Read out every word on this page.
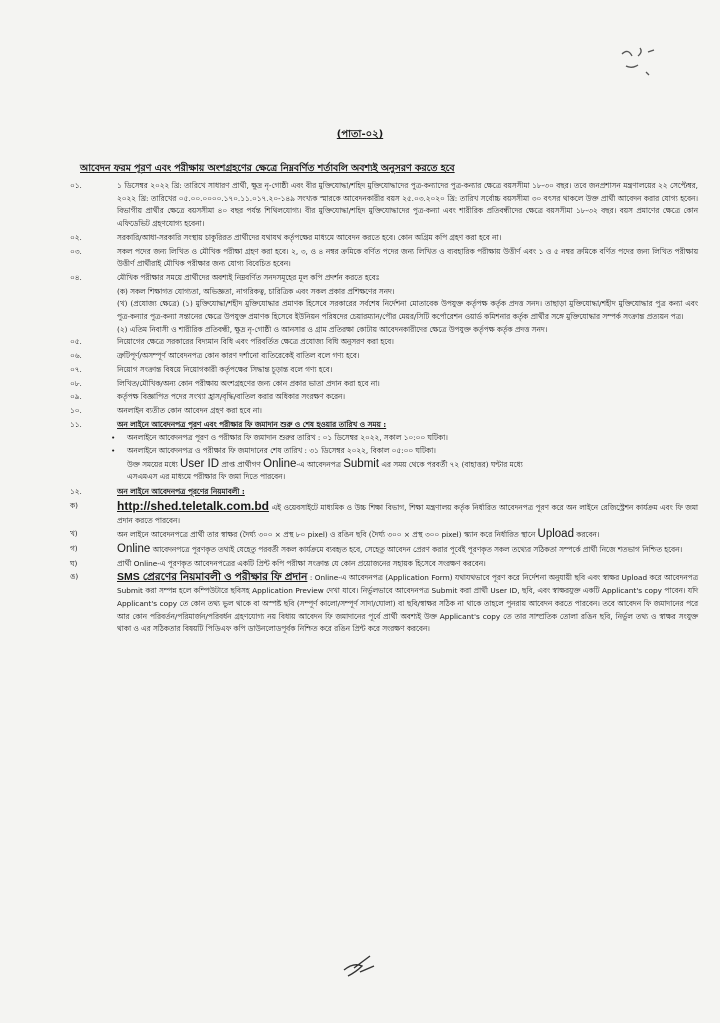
(পাতা-০২)
আবেদন ফরম পূরণ এবং পরীক্ষায় অংশগ্রহণের ক্ষেত্রে নিম্নবর্ণিত শর্তাবলি অবশ্যই অনুসরণ করতে হবে
০১.	১ ডিসেম্বর ২০২২ খ্রি: তারিখে সাধারণ প্রার্থী, ক্ষুদ্র নৃ-গোষ্ঠী এবং বীর মুক্তিযোদ্ধা/শহিদ মুক্তিযোদ্ধাদের পুত্র-কন্যাদের পুত্র-কন্যার ক্ষেত্রে বয়সসীমা ১৮-৩০ বছর। তবে জনপ্রশাসন মন্ত্রণালয়ের ২২ সেপ্টেম্বর, ২০২২ খ্রি: তারিখের ০৫.০০.০০০০.১৭০.১১.০১৭.২০-১৪৯ সংখ্যক স্মারকে আবেদনকারীর বয়স ২৫.০৩.২০২০ খ্রি: তারিখ সর্বোচ্চ বয়সসীমা ৩০ বৎসর থাকলে উক্ত প্রার্থী আবেদন করার যোগ্য হবেন। বিভাগীয় প্রার্থীর ক্ষেত্রে বয়সসীমা ৪০ বছর পর্যন্ত শিথিলযোগ্য। বীর মুক্তিযোদ্ধা/শহিদ মুক্তিযোদ্ধাদের পুত্র-কন্যা এবং শারীরিক প্রতিবন্ধীদের ক্ষেত্রে বয়সসীমা ১৮-৩২ বছর। বয়স প্রমাণের ক্ষেত্রে কোন এফিডেভিট গ্রহণযোগ্য হবেনা।
০২.	সরকারি/আধা-সরকারি সংস্থায় চাকুরিরত প্রার্থীদের যথাযথ কর্তৃপক্ষের মাধ্যমে আবেদন করতে হবে। কোন অগ্রিম কপি গ্রহণ করা হবে না।
০৩.	সকল পদের জন্য লিখিত ও মৌখিক পরীক্ষা গ্রহণ করা হবে। ২, ৩, ও ৪ নম্বর ক্রমিকে বর্ণিত পদের জন্য লিখিত ও ব্যবহারিক পরীক্ষায় উত্তীর্ণ এবং ১ ও ৫ নম্বর ক্রমিকে বর্ণিত পদের জন্য লিখিত পরীক্ষায় উত্তীর্ণ প্রার্থীরাই মৌখিক পরীক্ষার জন্য যোগ্য বিবেচিত হবেন।
০৪.	মৌখিক পরীক্ষার সময়ে প্রার্থীদের অবশ্যই নিম্নবর্ণিত সনদসমূহের মূল কপি প্রদর্শন করতে হবেঃ
(ক) সকল শিক্ষাগত যোগ্যতা, অভিজ্ঞতা, নাগরিকত্ব, চারিত্রিক এবং সকল প্রকার প্রশিক্ষণের সনদ।
(খ) (প্রযোজ্য ক্ষেত্রে) (১) মুক্তিযোদ্ধা/শহীদ মুক্তিযোদ্ধার প্রমাণক হিসেবে সরকারের সর্বশেষ নির্দেশনা মোতাবেক উপযুক্ত কর্তৃপক্ষ কর্তৃক প্রদত্ত সনদ। তাছাড়া মুক্তিযোদ্ধা/শহীদ মুক্তিযোদ্ধার পুত্র কন্যা এবং পুত্র-কন্যার পুত্র-কন্যা সন্তানের ক্ষেত্রে উপযুক্ত প্রমাণক হিসেবে ইউনিয়ন পরিষদের চেয়ারম্যান/পৌর মেয়র/সিটি কর্পোরেশন ওয়ার্ড কমিশনার কর্তৃক প্রার্থীর সঙ্গে মুক্তিযোদ্ধার সম্পর্ক সংক্রান্ত প্রত্যয়ন পত্র।
(২) এতিম নিবাসী ও শারীরিক প্রতিবন্ধী, ক্ষুদ্র নৃ-গোষ্ঠী ও আনসার ও গ্রাম প্রতিরক্ষা কোটায় আবেদনকারীদের ক্ষেত্রে উপযুক্ত কর্তৃপক্ষ কর্তৃক প্রদত্ত সনদ।
০৫.	নিয়োগের ক্ষেত্রে সরকারের বিদ্যমান বিধি এবং পরিবর্তিত ক্ষেত্রে প্রযোজ্য বিধি অনুসরণ করা হবে।
০৬.	ত্রুটিপূর্ণ/অসম্পূর্ণ আবেদনপত্র কোন কারণ দর্শানো ব্যতিরেকেই বাতিল বলে গণ্য হবে।
০৭.	নিয়োগ সংক্রান্ত বিষয়ে নিয়োগকারী কর্তৃপক্ষের সিদ্ধান্ত চূড়ান্ত বলে গণ্য হবে।
০৮.	লিখিত/মৌখিক/অন্য কোন পরীক্ষায় অংশগ্রহণের জন্য কোন প্রকার ভাতা প্রদান করা হবে না।
০৯.	কর্তৃপক্ষ বিজ্ঞাপিত পদের সংখ্যা হ্রাস/বৃদ্ধি/বাতিল করার অধিকার সংরক্ষণ করেন।
১০.	অনলাইন ব্যতীত কোন আবেদন গ্রহণ করা হবে না।
১১.	অন লাইনে আবেদনপত্র পূরণ এবং পরীক্ষার ফি জমাদান শুরু ও শেষ হওয়ার তারিখ ও সময় :
•	অনলাইনে আবেদনপত্র পূরণ ও পরীক্ষার ফি জমাদান শুরুর তারিখ : ০১ ডিসেম্বর ২০২২, সকাল ১০:০০ ঘটিকা।
•	অনলাইনে আবেদনপত্র ও পরীক্ষার ফি জমাদানের শেষ তারিখ : ৩১ ডিসেম্বর ২০২২, বিকাল ০৫:০০ ঘটিকা।
উক্ত সময়ের মধ্যে User ID প্রাপ্ত প্রার্থীগণ Online-এ আবেদনপত্র Submit এর সময় থেকে পরবর্তী ৭২ (বাহাত্তর) ঘন্টার মধ্যে
এসএমএস এর মাধ্যমে পরীক্ষার ফি জমা দিতে পারবেন।
১২.	অন লাইনে আবেদনপত্র পূরণের নিয়মাবলী :
ক)	http://shed.teletalk.com.bd এই ওয়েবসাইটে মাধ্যমিক ও উচ্চ শিক্ষা বিভাগ, শিক্ষা মন্ত্রণালয় কর্তৃক নির্ধারিত আবেদনপত্র পূরণ করে অন লাইনে রেজিস্ট্রেশন কার্যক্রম এবং ফি জমা প্রদান করতে পারবেন।
খ)	অন লাইনে আবেদনপত্রে প্রার্থী তার স্বাক্ষর (দৈর্ঘ্য ৩০০ × প্রস্থ ৮০ pixel) ও রঙিন ছবি (দৈর্ঘ্য ৩০০ × প্রস্থ ৩০০ pixel) স্ক্যান করে নির্ধারিত স্থানে Upload করবেন।
গ)	Online আবেদনপত্রে পূরণকৃত তথ্যই যেহেতু পরবর্তী সকল কার্যক্রমে ব্যবহৃত হবে, সেহেতু আবেদন প্রেরণ করার পূর্বেই পূরণকৃত সকল তথ্যের সঠিকতা সম্পর্কে প্রার্থী নিজে শতভাগ নিশ্চিত হবেন।
ঘ)	প্রার্থী Online-এ পূরণকৃত আবেদনপত্রের একটি প্রিন্ট কপি পরীক্ষা সংক্রান্ত যে কোন প্রয়োজনের সহায়ক হিসেবে সংরক্ষণ করবেন।
ঙ)	SMS প্রেরণের নিয়মাবলী ও পরীক্ষার ফি প্রদান : Online-এ আবেদনপত্র (Application Form) যথাযথভাবে পূরণ করে নির্দেশনা অনুযায়ী ছবি এবং স্বাক্ষর Upload করে আবেদনপত্র Submit করা সম্পন্ন হলে কম্পিউটারে ছবিসহ Application Preview দেখা যাবে। নির্ভুলভাবে আবেদনপত্র Submit করা প্রার্থী User ID, ছবি, এবং স্বাক্ষরযুক্ত একটি Applicant's copy পাবেন। যদি Applicant's copy তে কোন তথ্য ভুল থাকে বা অস্পষ্ট ছবি (সম্পূর্ণ কালো/সম্পূর্ণ সাদা/ঘোলা) বা ছবি/স্বাক্ষর সঠিক না থাকে তাহলে পুনরায় আবেদন করতে পারবেন। তবে আবেদন ফি জমাদানের পরে আর কোন পরিবর্তন/পরিমার্জন/পরিবর্ধন গ্রহণযোগ্য নয় বিধায় আবেদন ফি জমাদানের পূর্বে প্রার্থী অবশ্যই উক্ত Applicant's copy তে তার সাম্প্রতিক তোলা রঙিন ছবি, নির্ভুল তথ্য ও স্বাক্ষর সংযুক্ত থাকা ও এর সঠিকতার বিষয়টি পিডিএফ কপি ডাউনলোডপূর্বক নিশ্চিত করে রঙিন প্রিন্ট করে সংরক্ষণ করবেন।
